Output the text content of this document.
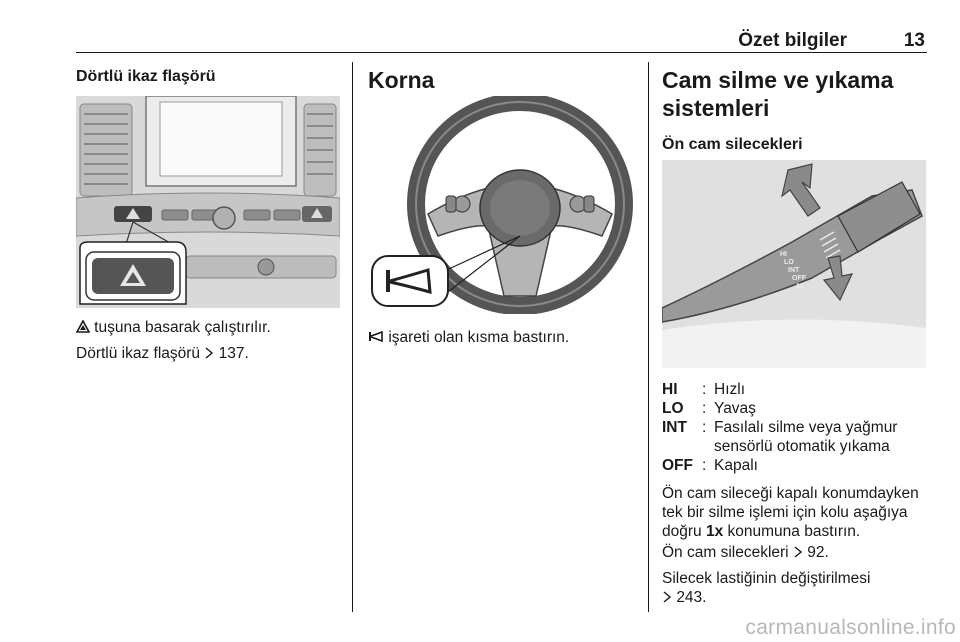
Özet bilgiler	13
Dörtlü ikaz flaşörü

tuşuna basarak çalıştırılır.

Dörtlü ikaz flaşörü 137.

Korna

işareti olan kısma bastırın.

Cam silme ve yıkama
sistemleri
Ön cam silecekleri
HI
LO
INT
OFF
1x
HI	: Hızlı
LO	: Yavaş
INT : Fasılalı silme veya yağmur sensörlü otomatik yıkama
OFF : Kapalı

Ön cam sileceği kapalı konumdayken tek bir silme işlemi için kolu aşağıya doğru 1x konumuna bastırın.

Ön cam silecekleri 92.

Silecek lastiğinin değiştirilmesi
243.

carmanualsonline.info
